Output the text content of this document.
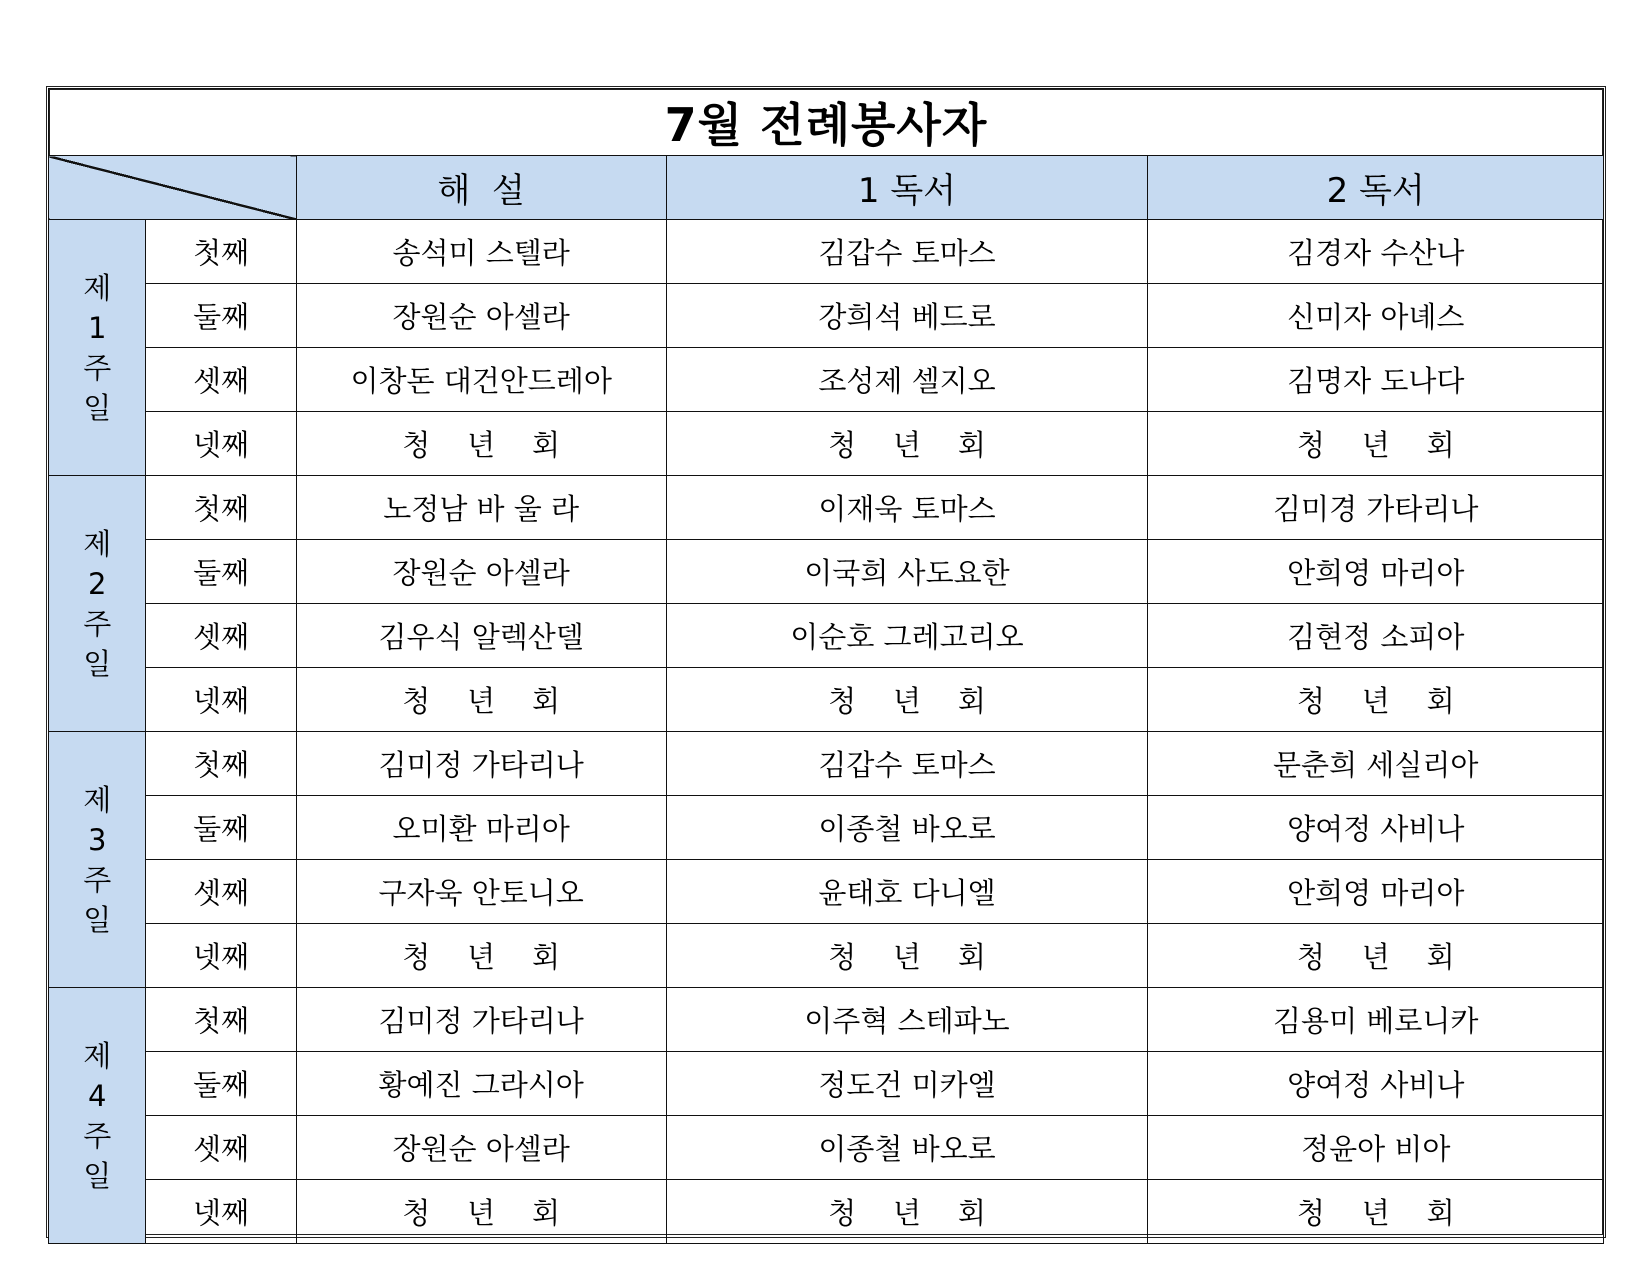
7월 전례봉사자				
		해  설	1 독서	2 독서

제
1
주
일	첫째	송석미 스텔라	김갑수 토마스	김경자 수산나
	둘째	장원순 아셀라	강희석 베드로	신미자 아녜스
	셋째	이창돈 대건안드레아	조성제 셀지오	김명자 도나다
	넷째	청    년    회	청    년    회	청    년    회

제
2
주
일	첫째	노정남 바 울 라	이재욱 토마스	김미경 가타리나
	둘째	장원순 아셀라	이국희 사도요한	안희영 마리아
	셋째	김우식 알렉산델	이순호 그레고리오	김현정 소피아
	넷째	청    년    회	청    년    회	청    년    회

제
3
주
일	첫째	김미정 가타리나	김갑수 토마스	문춘희 세실리아
	둘째	오미환 마리아	이종철 바오로	양여정 사비나
	셋째	구자욱 안토니오	윤태호 다니엘	안희영 마리아
	넷째	청    년    회	청    년    회	청    년    회

제
4
주
일	첫째	김미정 가타리나	이주혁 스테파노	김용미 베로니카
	둘째	황예진 그라시아	정도건 미카엘	양여정 사비나
	셋째	장원순 아셀라	이종철 바오로	정윤아 비아
	넷째	청    년    회	청    년    회	청    년    회
